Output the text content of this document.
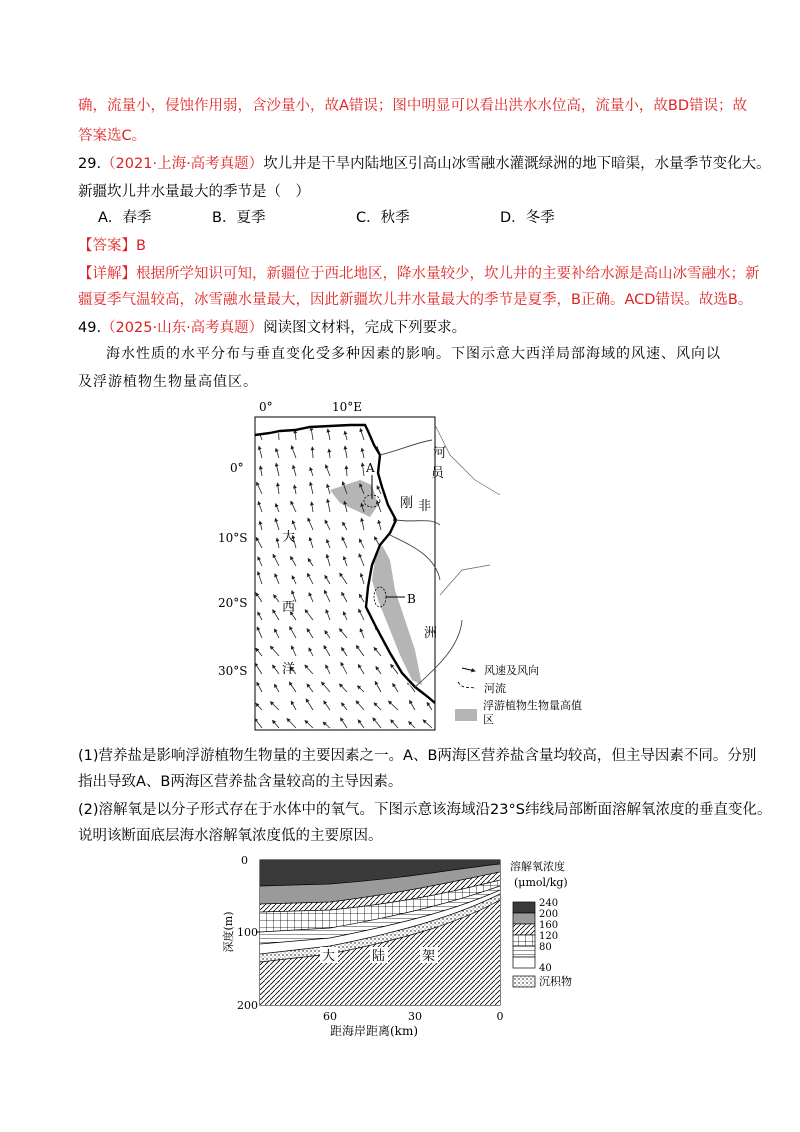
确，流量小，侵蚀作用弱，含沙量小，故A错误；图中明显可以看出洪水水位高，流量小，故BD错误；故
答案选C。
29.（2021·上海·高考真题）坎儿井是干旱内陆地区引高山冰雪融水灌溉绿洲的地下暗渠，水量季节变化大。
新疆坎儿井水量最大的季节是（　）
A．春季	B．夏季	C．秋季	D．冬季
【答案】B
【详解】根据所学知识可知，新疆位于西北地区，降水量较少，坎儿井的主要补给水源是高山冰雪融水；新
疆夏季气温较高，冰雪融水量最大，因此新疆坎儿井水量最大的季节是夏季，B正确。ACD错误。故选B。
49.（2025·山东·高考真题）阅读图文材料，完成下列要求。
海水性质的水平分布与垂直变化受多种因素的影响。下图示意大西洋局部海域的风速、风向以及浮游植物生物量高值区。
0°	10°E
0°
10°S
20°S
30°S
A
B
大
西
洋
河
员
刚 非
洲
风速及风向
河流
浮游植物生物量高值区
(1)营养盐是影响浮游植物生物量的主要因素之一。A、B两海区营养盐含量均较高，但主导因素不同。分别
指出导致A、B两海区营养盐含量较高的主导因素。
(2)溶解氧是以分子形式存在于水体中的氧气。下图示意该海域沿23°S纬线局部断面溶解氧浓度的垂直变化。
说明该断面底层海水溶解氧浓度低的主要原因。
大	陆	架
0
100
200
深度(m)
60	30	0
溶解氧浓度
(μmol/kg)
240
200
160
120
80
40
沉积物
距海岸距离(km)
